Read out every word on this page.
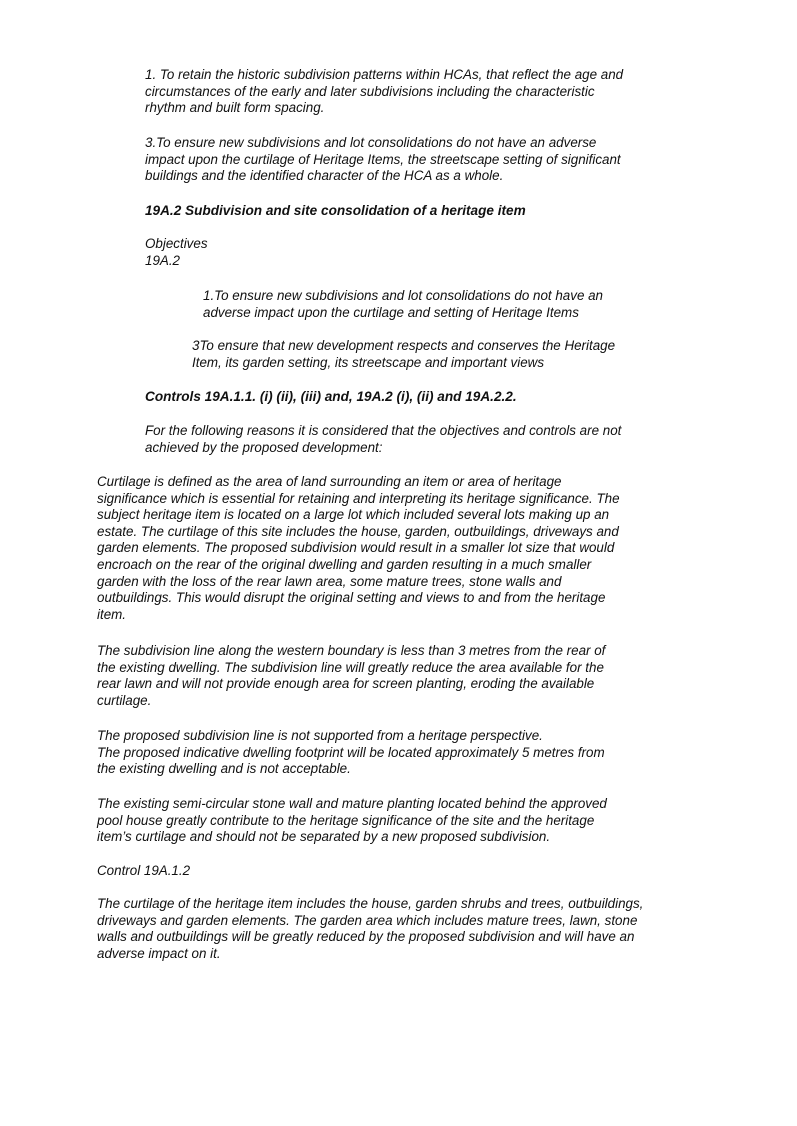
1. To retain the historic subdivision patterns within HCAs, that reflect the age and
circumstances of the early and later subdivisions including the characteristic
rhythm and built form spacing.

3.To ensure new subdivisions and lot consolidations do not have an adverse
impact upon the curtilage of Heritage Items, the streetscape setting of significant
buildings and the identified character of the HCA as a whole.

19A.2 Subdivision and site consolidation of a heritage item

Objectives
19A.2

1.To ensure new subdivisions and lot consolidations do not have an
adverse impact upon the curtilage and setting of Heritage Items

3To ensure that new development respects and conserves the Heritage
Item, its garden setting, its streetscape and important views

Controls 19A.1.1. (i) (ii), (iii) and, 19A.2 (i), (ii) and 19A.2.2.

For the following reasons it is considered that the objectives and controls are not
achieved by the proposed development:

Curtilage is defined as the area of land surrounding an item or area of heritage
significance which is essential for retaining and interpreting its heritage significance. The
subject heritage item is located on a large lot which included several lots making up an
estate. The curtilage of this site includes the house, garden, outbuildings, driveways and
garden elements. The proposed subdivision would result in a smaller lot size that would
encroach on the rear of the original dwelling and garden resulting in a much smaller
garden with the loss of the rear lawn area, some mature trees, stone walls and
outbuildings. This would disrupt the original setting and views to and from the heritage
item.

The subdivision line along the western boundary is less than 3 metres from the rear of
the existing dwelling. The subdivision line will greatly reduce the area available for the
rear lawn and will not provide enough area for screen planting, eroding the available
curtilage.

The proposed subdivision line is not supported from a heritage perspective.
The proposed indicative dwelling footprint will be located approximately 5 metres from
the existing dwelling and is not acceptable.

The existing semi-circular stone wall and mature planting located behind the approved
pool house greatly contribute to the heritage significance of the site and the heritage
item’s curtilage and should not be separated by a new proposed subdivision.

Control 19A.1.2

The curtilage of the heritage item includes the house, garden shrubs and trees, outbuildings,
driveways and garden elements. The garden area which includes mature trees, lawn, stone
walls and outbuildings will be greatly reduced by the proposed subdivision and will have an
adverse impact on it.
